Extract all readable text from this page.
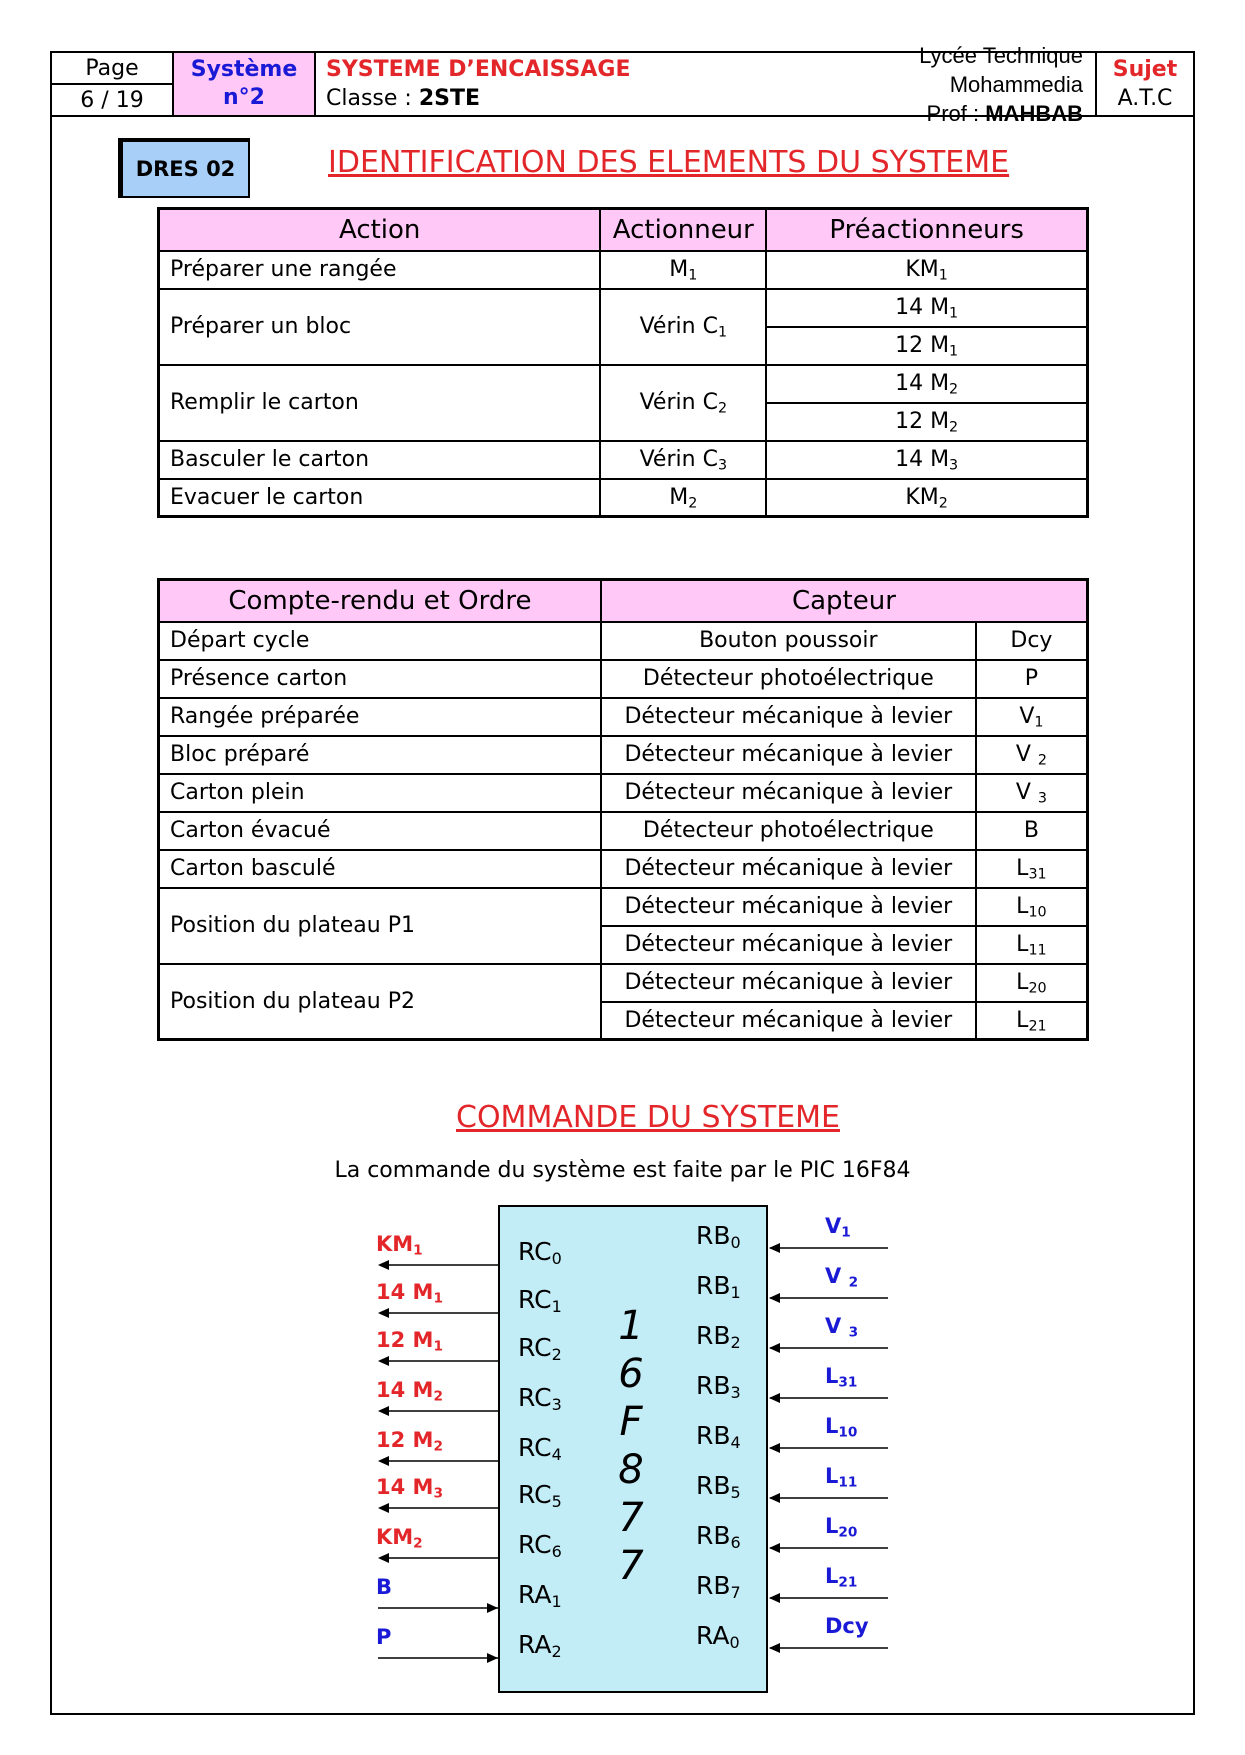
Page
6 / 19
Système
n°2
SYSTEME D’ENCAISSAGE
Classe : 2STE
Lycée Technique Mohammedia
Prof : MAHBAB
Sujet
A.T.C
DRES 02	IDENTIFICATION DES ELEMENTS DU SYSTEME
Action	Actionneur	Préactionneurs
Préparer une rangée	$M_1$	$KM_1$
Préparer un bloc	Vérin $C_1$	14 $M_1$
		12 $M_1$
Remplir le carton	Vérin $C_2$	14 $M_2$
		12 $M_2$
Basculer le carton	Vérin $C_3$	14 $M_3$
Evacuer le carton	$M_2$	$KM_2$
Compte-rendu et Ordre	Capteur	
Départ cycle	Bouton poussoir	Dcy
Présence carton	Détecteur photoélectrique	P
Rangée préparée	Détecteur mécanique à levier	$V_1$
Bloc préparé	Détecteur mécanique à levier	V $_2$
Carton plein	Détecteur mécanique à levier	V $_3$
Carton évacué	Détecteur photoélectrique	B
Carton basculé	Détecteur mécanique à levier	$L_{31}$
Position du plateau P1	Détecteur mécanique à levier	$L_{10}$
	Détecteur mécanique à levier	$L_{11}$
Position du plateau P2	Détecteur mécanique à levier	$L_{20}$
	Détecteur mécanique à levier	$L_{21}$
COMMANDE DU SYSTEME
La commande du système est faite par le PIC 16F84
$RC_0$
$KM_1$
$RC_1$
14 $M_1$
$RC_2$
12 $M_1$
$RC_3$
14 $M_2$
$RC_4$
12 $M_2$
$RC_5$
14 $M_3$
$RC_6$
$KM_2$
$RA_1$
B
$RA_2$
P
$RB_0$
$V_1$
$RB_1$
V $_2$
$RB_2$
V $_3$
$RB_3$
$L_{31}$
$RB_4$
$L_{10}$
$RB_5$
$L_{11}$
$RB_6$
$L_{20}$
$RB_7$
$L_{21}$
$RA_0$
Dcy
1
6
F
8
7
7
